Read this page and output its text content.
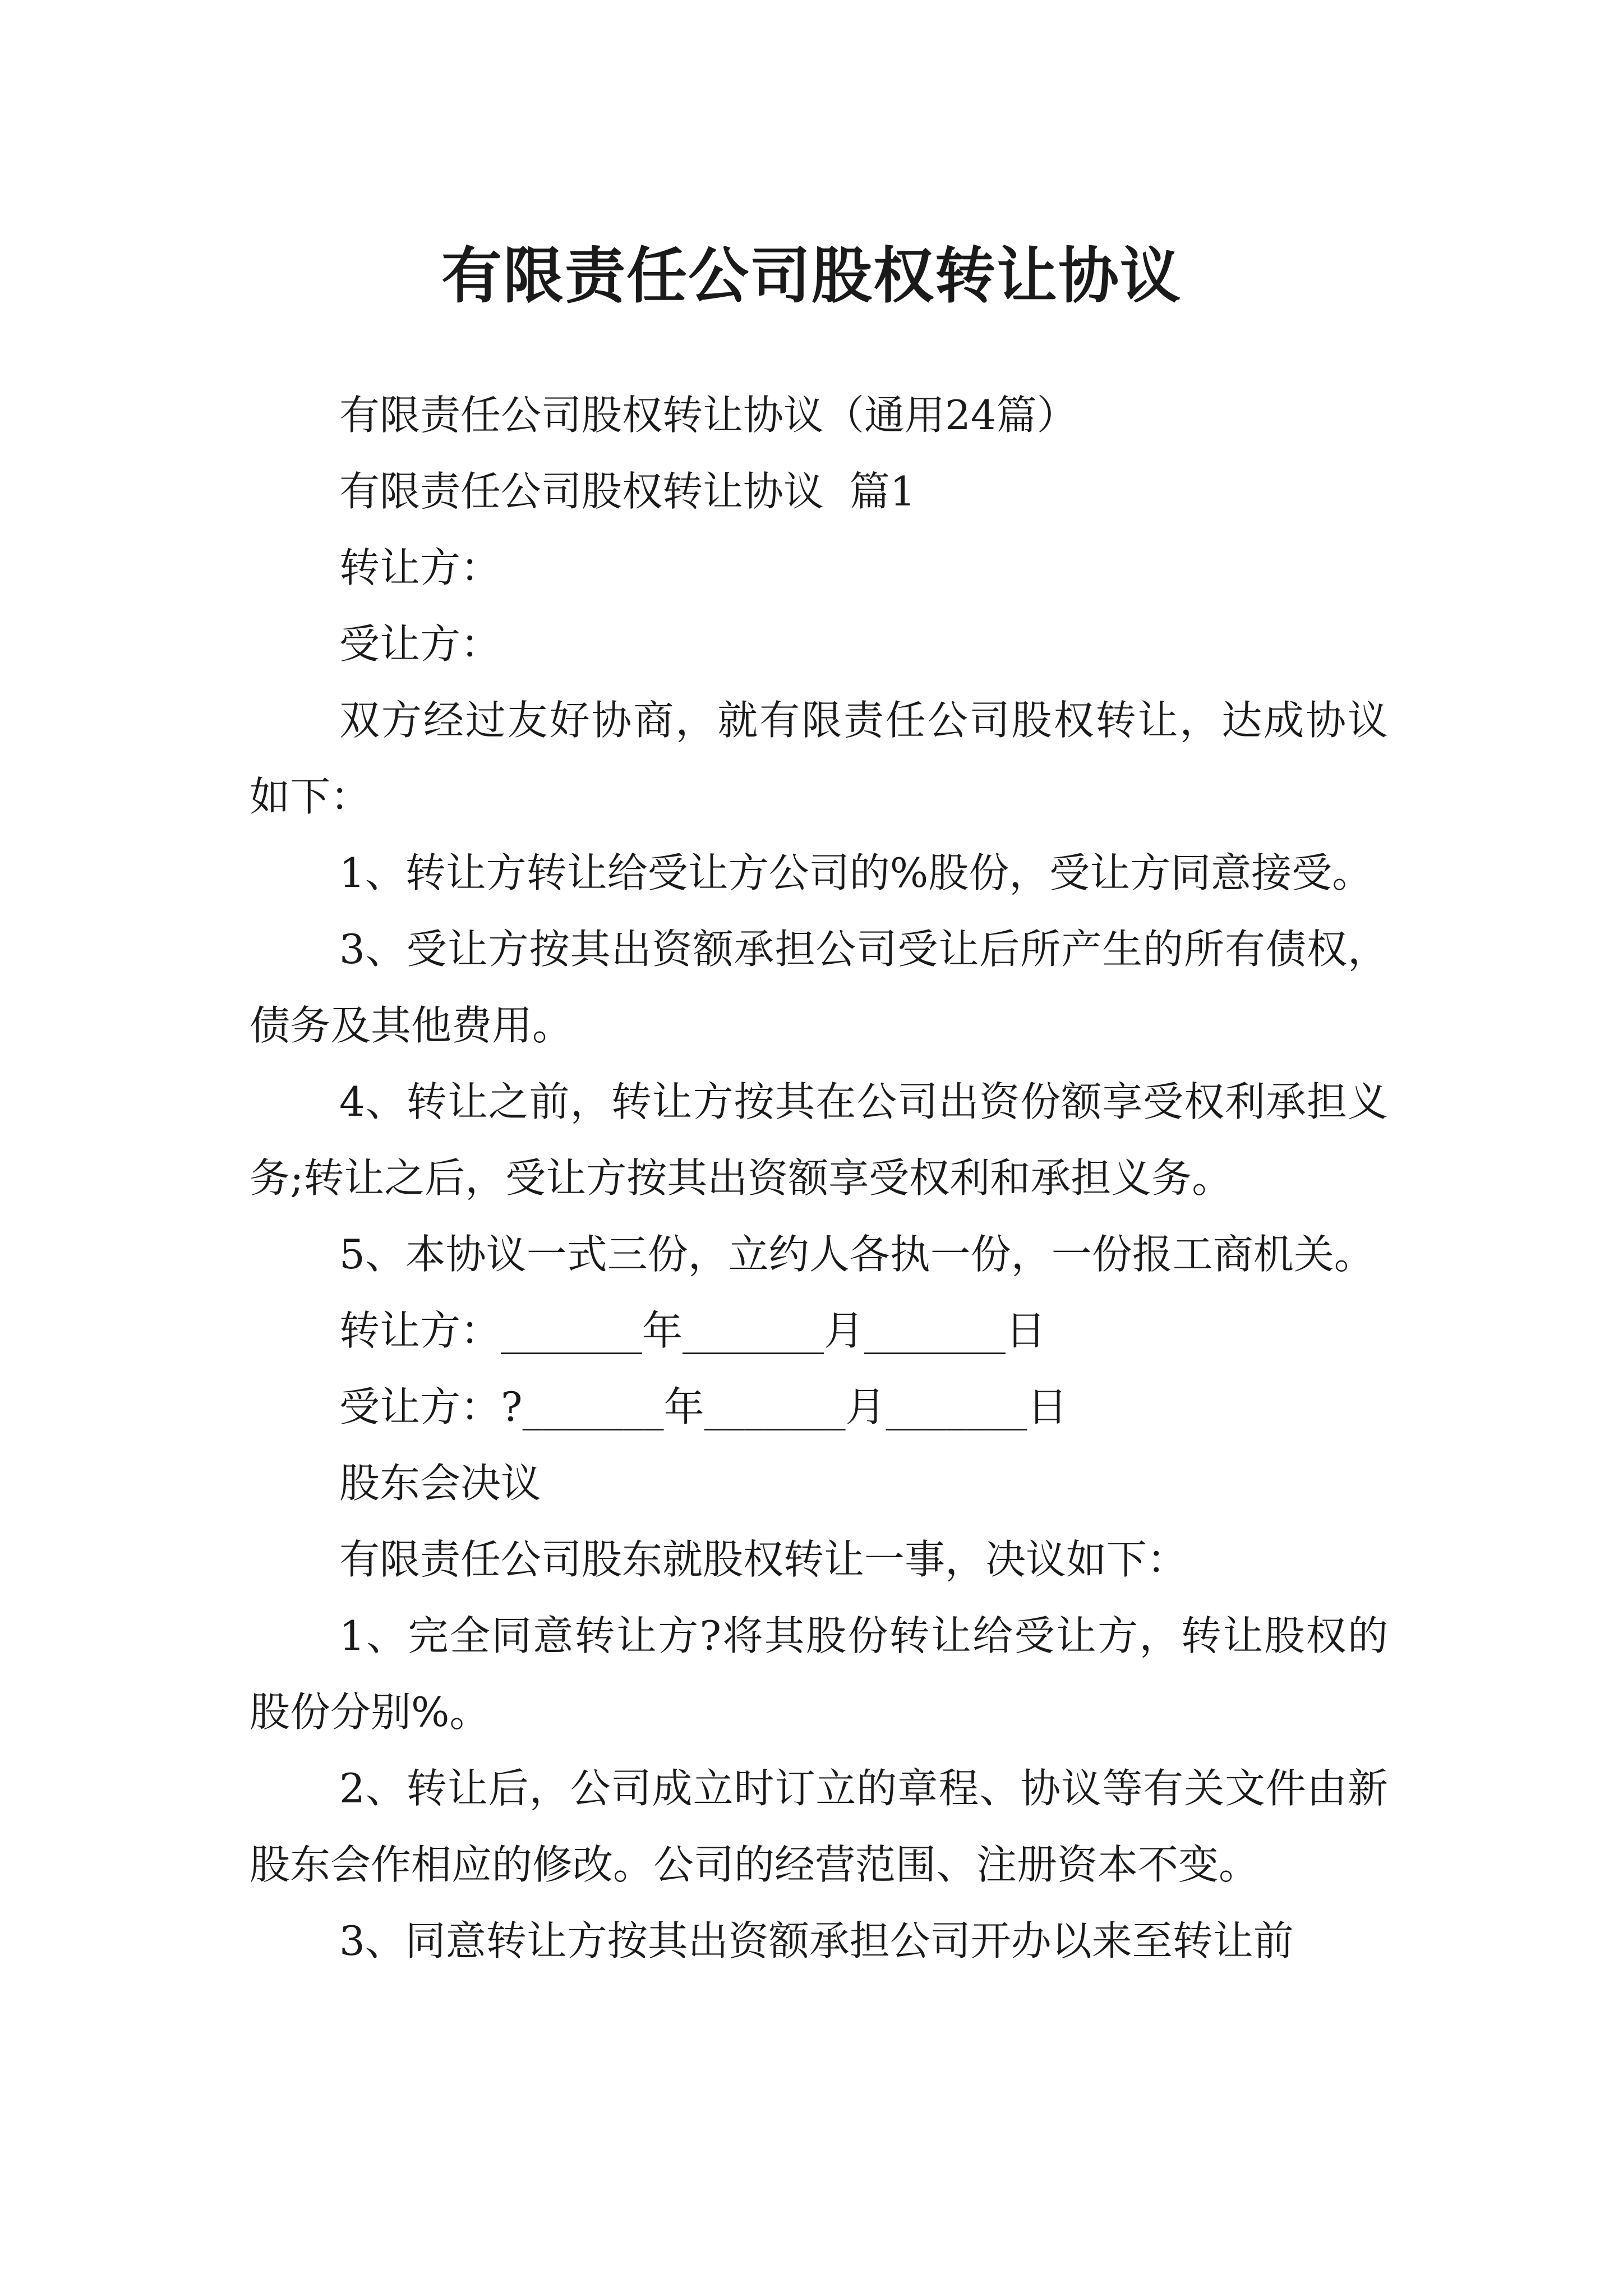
有限责任公司股权转让协议

有限责任公司股权转让协议（通用24篇）

有限责任公司股权转让协议  篇1

转让方：

受让方：

双方经过友好协商，就有限责任公司股权转让，达成协议如下：

1、转让方转让给受让方公司的%股份，受让方同意接受。

3、受让方按其出资额承担公司受让后所产生的所有债权，债务及其他费用。

4、转让之前，转让方按其在公司出资份额享受权利承担义务;转让之后，受让方按其出资额享受权利和承担义务。

5、本协议一式三份，立约人各执一份，一份报工商机关。

转让方：_______年_______月_______日

受让方：?_______年_______月_______日

股东会决议

有限责任公司股东就股权转让一事，决议如下：

1、完全同意转让方?将其股份转让给受让方，转让股权的股份分别%。

2、转让后，公司成立时订立的章程、协议等有关文件由新股东会作相应的修改。公司的经营范围、注册资本不变。

3、同意转让方按其出资额承担公司开办以来至转让前
